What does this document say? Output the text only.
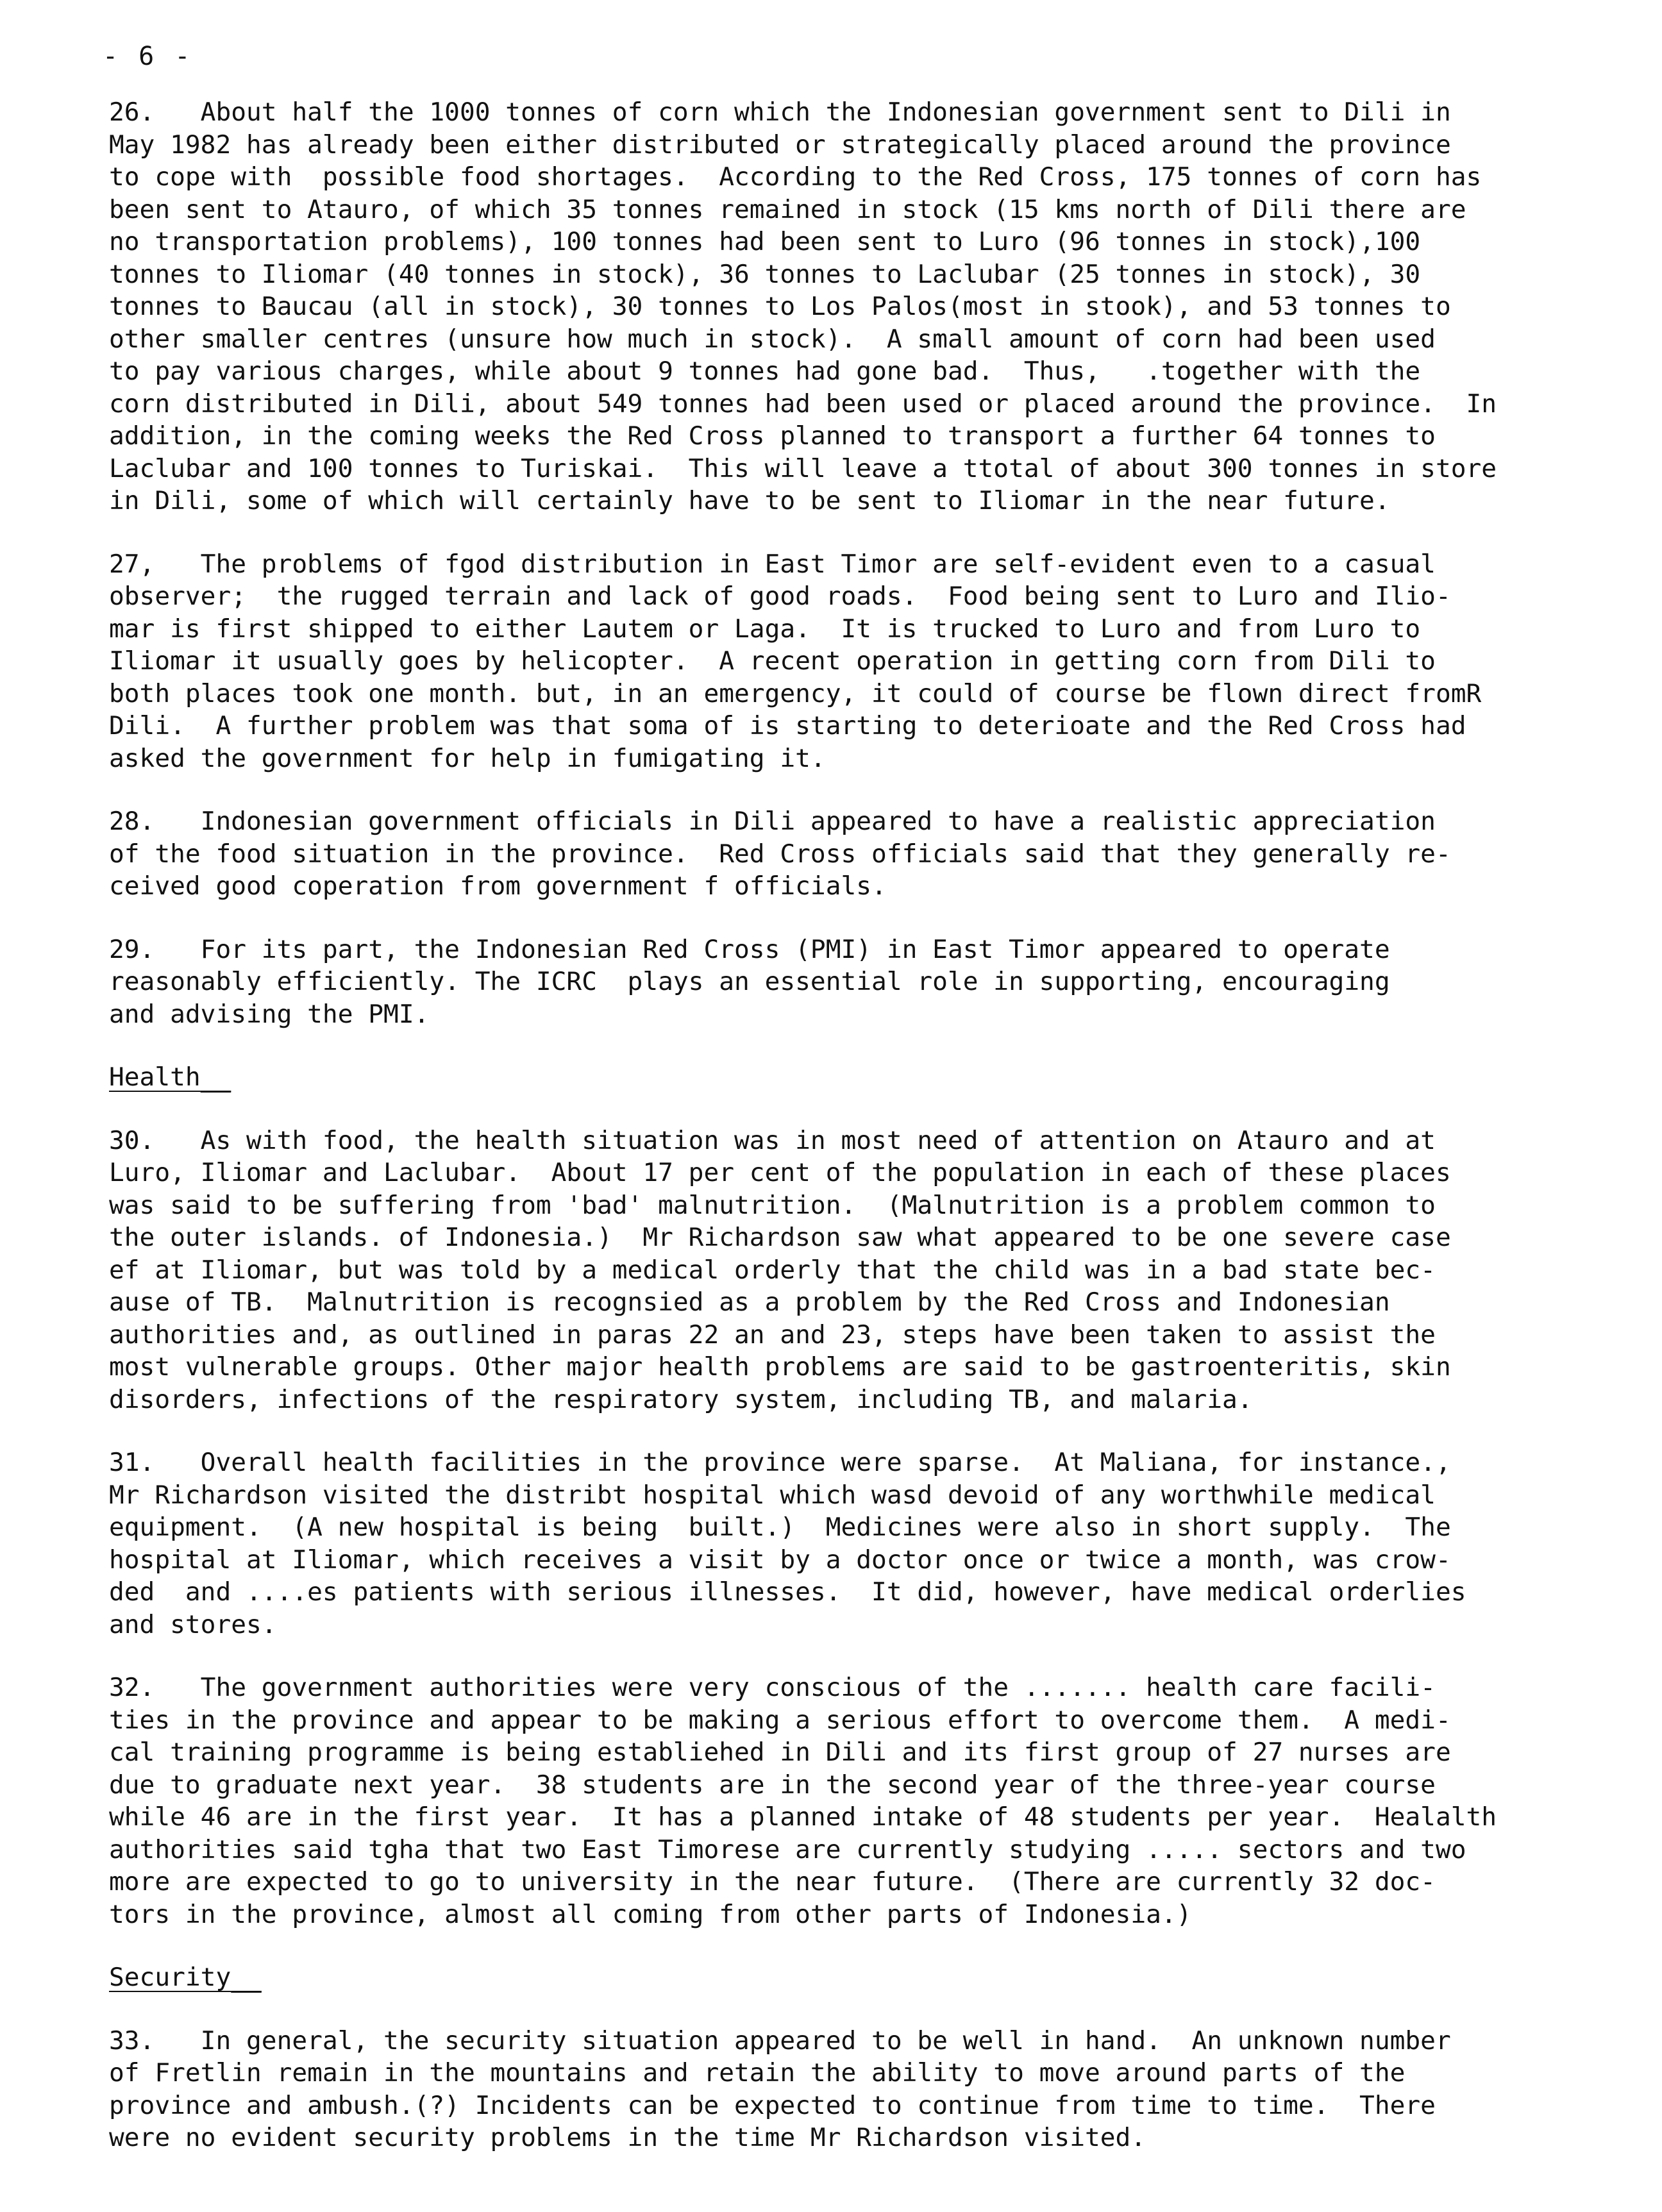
- 6 -

26.   About half the 1000 tonnes of corn which the Indonesian government sent to Dili in
May 1982 has already been either distributed or strategically placed around the province
to cope with  possible food shortages.  According to the Red Cross, 175 tonnes of corn has
been sent to Atauro, of which 35 tonnes remained in stock (15 kms north of Dili there are
no transportation problems), 100 tonnes had been sent to Luro (96 tonnes in stock),100
tonnes to Iliomar (40 tonnes in stock), 36 tonnes to Laclubar (25 tonnes in stock), 30
tonnes to Baucau (all in stock), 30 tonnes to Los Palos(most in stook), and 53 tonnes to
other smaller centres (unsure how much in stock).  A small amount of corn had been used
to pay various charges, while about 9 tonnes had gone bad.  Thus,   .together with the
corn distributed in Dili, about 549 tonnes had been used or placed around the province.  In
addition, in the coming weeks the Red Cross planned to transport a further 64 tonnes to
Laclubar and 100 tonnes to Turiskai.  This will leave a ttotal of about 300 tonnes in store
in Dili, some of which will certainly have to be sent to Iliomar in the near future.

27,   The problems of fgod distribution in East Timor are self-evident even to a casual
observer;  the rugged terrain and lack of good roads.  Food being sent to Luro and Ilio-
mar is first shipped to either Lautem or Laga.  It is trucked to Luro and from Luro to
Iliomar it usually goes by helicopter.  A recent operation in getting corn from Dili to
both places took one month. but, in an emergency, it could of course be flown direct fromR
Dili.  A further problem was that soma of is starting to deterioate and the Red Cross had
asked the government for help in fumigating it.

28.   Indonesian government officials in Dili appeared to have a realistic appreciation
of the food situation in the province.  Red Cross officials said that they generally re-
ceived good coperation from government f officials.

29.   For its part, the Indonesian Red Cross (PMI) in East Timor appeared to operate
reasonably efficiently. The ICRC  plays an essential role in supporting, encouraging
and advising the PMI.

Health

30.   As with food, the health situation was in most need of attention on Atauro and at
Luro, Iliomar and Laclubar.  About 17 per cent of the population in each of these places
was said to be suffering from 'bad' malnutrition.  (Malnutrition is a problem common to
the outer islands. of Indonesia.)  Mr Richardson saw what appeared to be one severe case
ef at Iliomar, but was told by a medical orderly that the child was in a bad state bec-
ause of TB.  Malnutrition is recognsied as a problem by the Red Cross and Indonesian
authorities and, as outlined in paras 22 an and 23, steps have been taken to assist the
most vulnerable groups. Other major health problems are said to be gastroenteritis, skin
disorders, infections of the respiratory system, including TB, and malaria.

31.   Overall health facilities in the province were sparse.  At Maliana, for instance.,
Mr Richardson visited the distribt hospital which wasd devoid of any worthwhile medical
equipment.  (A new hospital is being  built.)  Medicines were also in short supply.  The
hospital at Iliomar, which receives a visit by a doctor once or twice a month, was crow-
ded  and ....es patients with serious illnesses.  It did, however, have medical orderlies
and stores.

32.   The government authorities were very conscious of the ....... health care facili-
ties in the province and appear to be making a serious effort to overcome them.  A medi-
cal training programme is being establiehed in Dili and its first group of 27 nurses are
due to graduate next year.  38 students are in the second year of the three-year course
while 46 are in the first year.  It has a planned intake of 48 students per year.  Healalth
authorities said tgha that two East Timorese are currently studying ..... sectors and two
more are expected to go to university in the near future.  (There are currently 32 doc-
tors in the province, almost all coming from other parts of Indonesia.)

Security

33.   In general, the security situation appeared to be well in hand.  An unknown number
of Fretlin remain in the mountains and retain the ability to move around parts of the
province and ambush.(?) Incidents can be expected to continue from time to time.  There
were no evident security problems in the time Mr Richardson visited.
